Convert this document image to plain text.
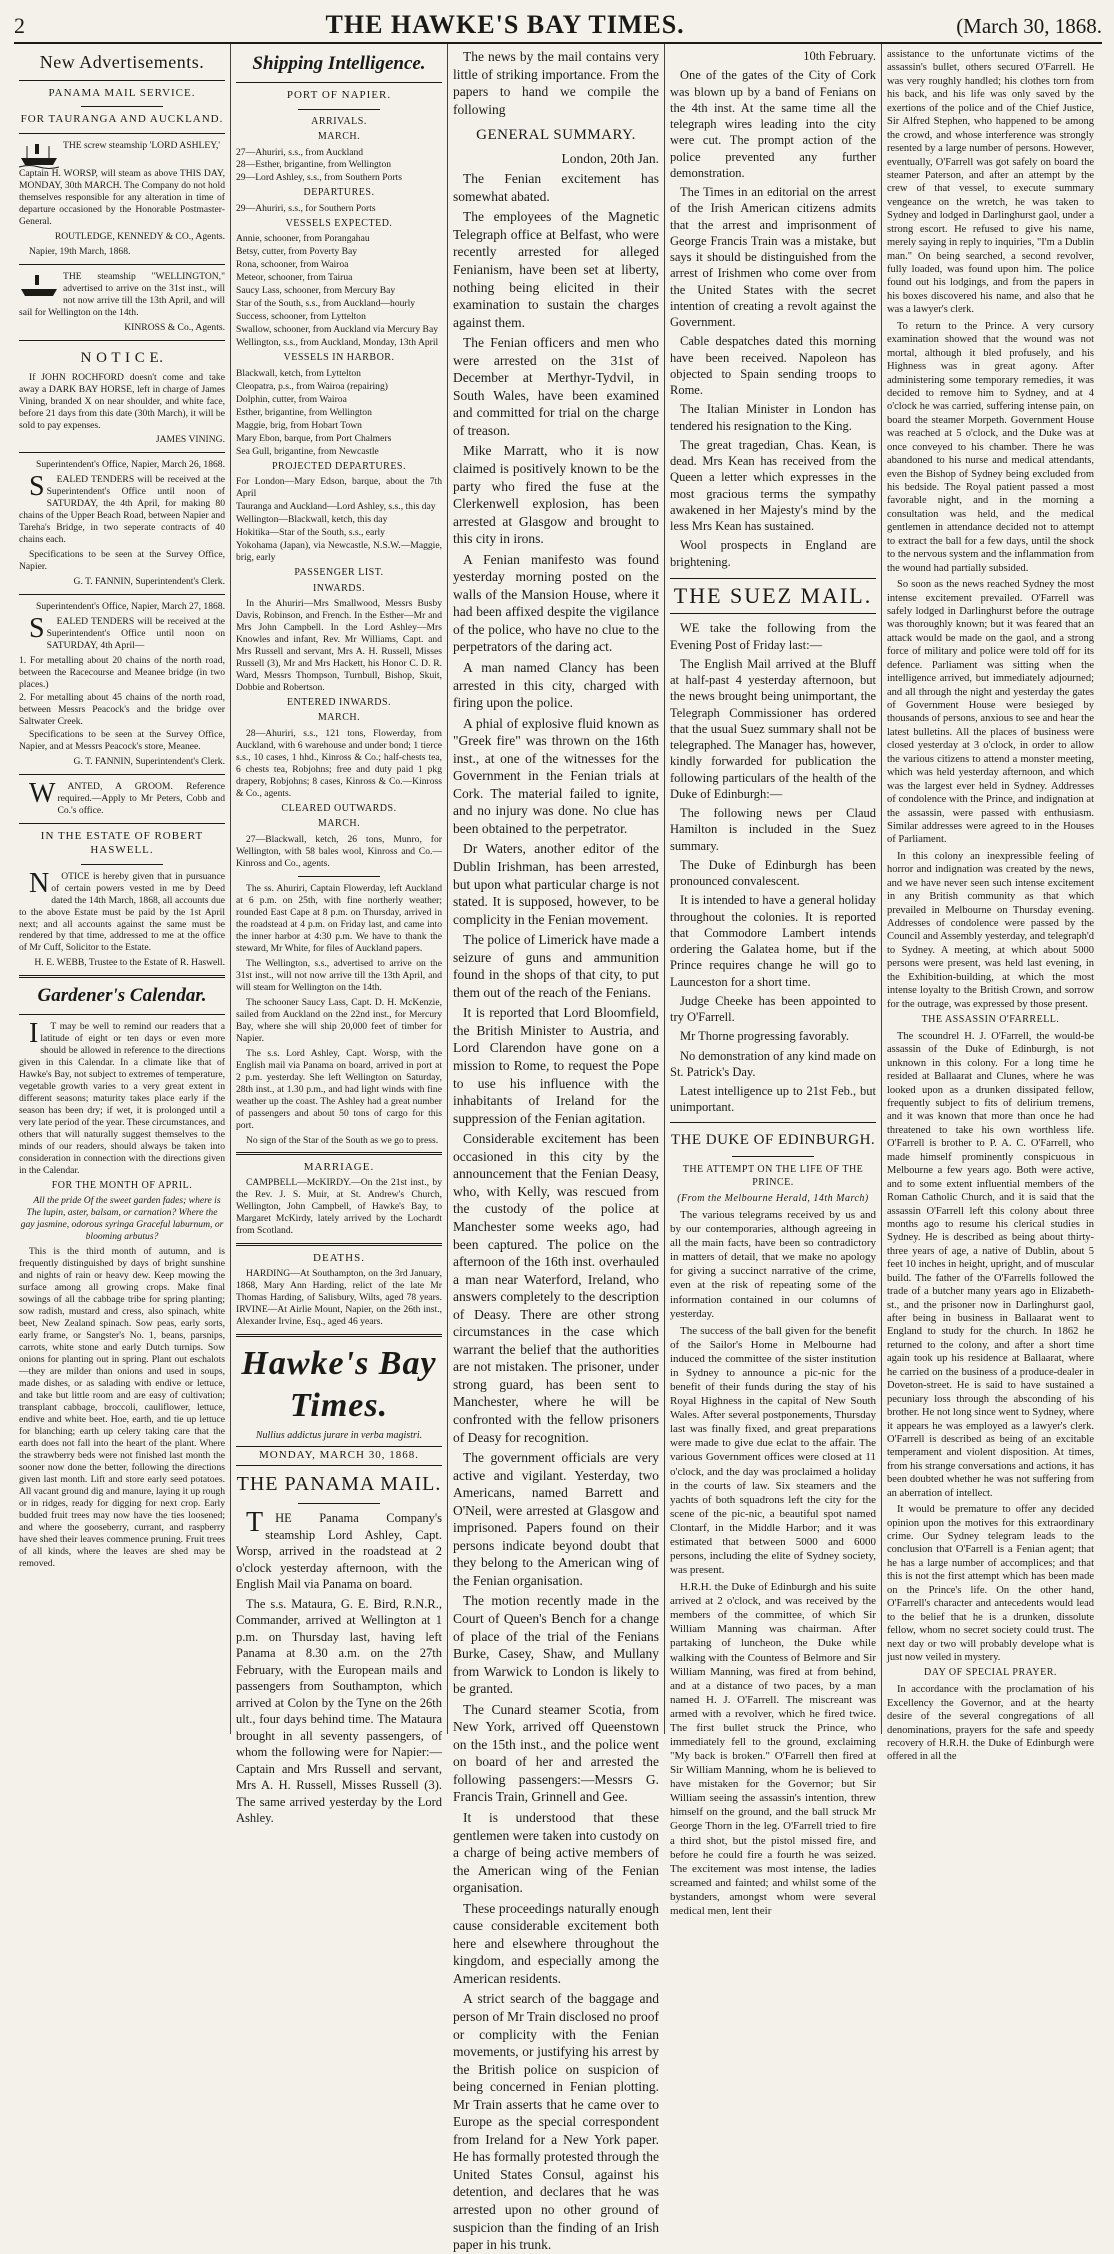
2	THE HAWKE'S BAY TIMES.	(March 30, 1868.
New Advertisements.
PANAMA MAIL SERVICE.
FOR TAURANGA AND AUCKLAND.

THE screw steamship 'LORD ASHLEY,'

Captain H. WORSP, will steam as above THIS DAY, MONDAY, 30th MARCH. The Company do not hold themselves responsible for any alteration in time of departure occasioned by the Honorable Postmaster-General.

ROUTLEDGE, KENNEDY & CO., Agents.

Napier, 19th March, 1868.

THE steamship "WELLINGTON," advertised to arrive on the 31st inst., will not now arrive till the 13th April, and will sail for Wellington on the 14th.

KINROSS & Co., Agents.

N O T I C E.

If JOHN ROCHFORD doesn't come and take away a DARK BAY HORSE, left in charge of James Vining, branded X on near shoulder, and white face, before 21 days from this date (30th March), it will be sold to pay expenses.

JAMES VINING.

Superintendent's Office, Napier, March 26, 1868.

SEALED TENDERS will be received at the Superintendent's Office until noon of SATURDAY, the 4th April, for making 80 chains of the Upper Beach Road, between Napier and Tareha's Bridge, in two seperate contracts of 40 chains each.

Specifications to be seen at the Survey Office, Napier.

G. T. FANNIN, Superintendent's Clerk.

Superintendent's Office, Napier, March 27, 1868.

SEALED TENDERS will be received at the Superintendent's Office until noon on SATURDAY, 4th April—

1. For metalling about 20 chains of the north road, between the Racecourse and Meanee bridge (in two places.)
2. For metalling about 45 chains of the north road, between Messrs Peacock's and the bridge over Saltwater Creek.

Specifications to be seen at the Survey Office, Napier, and at Messrs Peacock's store, Meanee.

G. T. FANNIN, Superintendent's Clerk.

WANTED, A GROOM. Reference required.—Apply to Mr Peters, Cobb and Co.'s office.

IN THE ESTATE OF ROBERT HASWELL.

NOTICE is hereby given that in pursuance of certain powers vested in me by Deed dated the 14th March, 1868, all accounts due to the above Estate must be paid by the 1st April next; and all accounts against the same must be rendered by that time, addressed to me at the office of Mr Cuff, Solicitor to the Estate.

H. E. WEBB, Trustee to the Estate of R. Haswell.

Gardener's Calendar.

IT may be well to remind our readers that a latitude of eight or ten days or even more should be allowed in reference to the directions given in this Calendar. In a climate like that of Hawke's Bay, not subject to extremes of temperature, vegetable growth varies to a very great extent in different seasons; maturity takes place early if the season has been dry; if wet, it is prolonged until a very late period of the year. These circumstances, and others that will naturally suggest themselves to the minds of our readers, should always be taken into consideration in connection with the directions given in the Calendar.

FOR THE MONTH OF APRIL.

All the pride Of the sweet garden fades; where is The lupin, aster, balsam, or carnation? Where the gay jasmine, odorous syringa Graceful laburnum, or blooming arbutus?

This is the third month of autumn, and is frequently distinguished by days of bright sunshine and nights of rain or heavy dew. Keep mowing the surface among all growing crops. Make final sowings of all the cabbage tribe for spring planting; sow radish, mustard and cress, also spinach, white beet, New Zealand spinach. Sow peas, early sorts, early frame, or Sangster's No. 1, beans, parsnips, carrots, white stone and early Dutch turnips. Sow onions for planting out in spring. Plant out eschalots—they are milder than onions and used in soups, made dishes, or as salading with endive or lettuce, and take but little room and are easy of cultivation; transplant cabbage, broccoli, cauliflower, lettuce, endive and white beet. Hoe, earth, and tie up lettuce for blanching; earth up celery taking care that the earth does not fall into the heart of the plant. Where the strawberry beds were not finished last month the sooner now done the better, following the directions given last month. Lift and store early seed potatoes. All vacant ground dig and manure, laying it up rough or in ridges, ready for digging for next crop. Early budded fruit trees may now have the ties loosened; and where the gooseberry, currant, and raspberry have shed their leaves commence pruning. Fruit trees of all kinds, where the leaves are shed may be removed.

Shipping Intelligence.
PORT OF NAPIER.
ARRIVALS.
MARCH.
27—Ahuriri, s.s., from Auckland
28—Esther, brigantine, from Wellington
29—Lord Ashley, s.s., from Southern Ports
DEPARTURES.
29—Ahuriri, s.s., for Southern Ports
VESSELS EXPECTED.
Annie, schooner, from Porangahau
Betsy, cutter, from Poverty Bay
Rona, schooner, from Wairoa
Meteor, schooner, from Tairua
Saucy Lass, schooner, from Mercury Bay
Star of the South, s.s., from Auckland—hourly
Success, schooner, from Lyttelton
Swallow, schooner, from Auckland via Mercury Bay
Wellington, s.s., from Auckland, Monday, 13th April
VESSELS IN HARBOR.
Blackwall, ketch, from Lyttelton
Cleopatra, p.s., from Wairoa (repairing)
Dolphin, cutter, from Wairoa
Esther, brigantine, from Wellington
Maggie, brig, from Hobart Town
Mary Ebon, barque, from Port Chalmers
Sea Gull, brigantine, from Newcastle
PROJECTED DEPARTURES.
For London—Mary Edson, barque, about the 7th April
Tauranga and Auckland—Lord Ashley, s.s., this day
Wellington—Blackwall, ketch, this day
Hokitika—Star of the South, s.s., early
Yokohama (Japan), via Newcastle, N.S.W.—Maggie, brig, early
PASSENGER LIST.
INWARDS.

In the Ahuriri—Mrs Smallwood, Messrs Busby Davis, Robinson, and French. In the Esther—Mr and Mrs John Campbell. In the Lord Ashley—Mrs Knowles and infant, Rev. Mr Williams, Capt. and Mrs Russell and servant, Mrs A. H. Russell, Misses Russell (3), Mr and Mrs Hackett, his Honor C. D. R. Ward, Messrs Thompson, Turnbull, Bishop, Skuit, Dobbie and Robertson.

ENTERED INWARDS.
MARCH.

28—Ahuriri, s.s., 121 tons, Flowerday, from Auckland, with 6 warehouse and under bond; 1 tierce s.s., 10 cases, 1 hhd., Kinross & Co.; half-chests tea, 6 chests tea, Robjohns; free and duty paid 1 pkg drapery, Robjohns; 8 cases, Kinross & Co.—Kinross & Co., agents.

CLEARED OUTWARDS.
MARCH.

27—Blackwall, ketch, 26 tons, Munro, for Wellington, with 58 bales wool, Kinross and Co.—Kinross and Co., agents.

The ss. Ahuriri, Captain Flowerday, left Auckland at 6 p.m. on 25th, with fine northerly weather; rounded East Cape at 8 p.m. on Thursday, arrived in the roadstead at 4 p.m. on Friday last, and came into the inner harbor at 4:30 p.m. We have to thank the steward, Mr White, for files of Auckland papers.

The Wellington, s.s., advertised to arrive on the 31st inst., will not now arrive till the 13th April, and will steam for Wellington on the 14th.

The schooner Saucy Lass, Capt. D. H. McKenzie, sailed from Auckland on the 22nd inst., for Mercury Bay, where she will ship 20,000 feet of timber for Napier.

The s.s. Lord Ashley, Capt. Worsp, with the English mail via Panama on board, arrived in port at 2 p.m. yesterday. She left Wellington on Saturday, 28th inst., at 1.30 p.m., and had light winds with fine weather up the coast. The Ashley had a great number of passengers and about 50 tons of cargo for this port.

No sign of the Star of the South as we go to press.

MARRIAGE.

CAMPBELL—McKIRDY.—On the 21st inst., by the Rev. J. S. Muir, at St. Andrew's Church, Wellington, John Campbell, of Hawke's Bay, to Margaret McKirdy, lately arrived by the Lochardt from Scotland.

DEATHS.

HARDING—At Southampton, on the 3rd January, 1868, Mary Ann Harding, relict of the late Mr Thomas Harding, of Salisbury, Wilts, aged 78 years. IRVINE—At Airlie Mount, Napier, on the 26th inst., Alexander Irvine, Esq., aged 46 years.

Hawke's Bay Times.
Nullius addictus jurare in verba magistri.
MONDAY, MARCH 30, 1868.
THE PANAMA MAIL.

THE Panama Company's steamship Lord Ashley, Capt. Worsp, arrived in the roadstead at 2 o'clock yesterday afternoon, with the English Mail via Panama on board.

The s.s. Mataura, G. E. Bird, R.N.R., Commander, arrived at Wellington at 1 p.m. on Thursday last, having left Panama at 8.30 a.m. on the 27th February, with the European mails and passengers from Southampton, which arrived at Colon by the Tyne on the 26th ult., four days behind time. The Mataura brought in all seventy passengers, of whom the following were for Napier:—Captain and Mrs Russell and servant, Mrs A. H. Russell, Misses Russell (3). The same arrived yesterday by the Lord Ashley.

The news by the mail contains very little of striking importance. From the papers to hand we compile the following

GENERAL SUMMARY.

London, 20th Jan.

The Fenian excitement has somewhat abated.

The employees of the Magnetic Telegraph office at Belfast, who were recently arrested for alleged Fenianism, have been set at liberty, nothing being elicited in their examination to sustain the charges against them.

The Fenian officers and men who were arrested on the 31st of December at Merthyr-Tydvil, in South Wales, have been examined and committed for trial on the charge of treason.

Mike Marratt, who it is now claimed is positively known to be the party who fired the fuse at the Clerkenwell explosion, has been arrested at Glasgow and brought to this city in irons.

A Fenian manifesto was found yesterday morning posted on the walls of the Mansion House, where it had been affixed despite the vigilance of the police, who have no clue to the perpetrators of the daring act.

A man named Clancy has been arrested in this city, charged with firing upon the police.

A phial of explosive fluid known as "Greek fire" was thrown on the 16th inst., at one of the witnesses for the Government in the Fenian trials at Cork. The material failed to ignite, and no injury was done. No clue has been obtained to the perpetrator.

Dr Waters, another editor of the Dublin Irishman, has been arrested, but upon what particular charge is not stated. It is supposed, however, to be complicity in the Fenian movement.

The police of Limerick have made a seizure of guns and ammunition found in the shops of that city, to put them out of the reach of the Fenians.

It is reported that Lord Bloomfield, the British Minister to Austria, and Lord Clarendon have gone on a mission to Rome, to request the Pope to use his influence with the inhabitants of Ireland for the suppression of the Fenian agitation.

Considerable excitement has been occasioned in this city by the announcement that the Fenian Deasy, who, with Kelly, was rescued from the custody of the police at Manchester some weeks ago, had been captured. The police on the afternoon of the 16th inst. overhauled a man near Waterford, Ireland, who answers completely to the description of Deasy. There are other strong circumstances in the case which warrant the belief that the authorities are not mistaken. The prisoner, under strong guard, has been sent to Manchester, where he will be confronted with the fellow prisoners of Deasy for recognition.

The government officials are very active and vigilant. Yesterday, two Americans, named Barrett and O'Neil, were arrested at Glasgow and imprisoned. Papers found on their persons indicate beyond doubt that they belong to the American wing of the Fenian organisation.

The motion recently made in the Court of Queen's Bench for a change of place of the trial of the Fenians Burke, Casey, Shaw, and Mullany from Warwick to London is likely to be granted.

The Cunard steamer Scotia, from New York, arrived off Queenstown on the 15th inst., and the police went on board of her and arrested the following passengers:—Messrs G. Francis Train, Grinnell and Gee.

It is understood that these gentlemen were taken into custody on a charge of being active members of the American wing of the Fenian organisation.

These proceedings naturally enough cause considerable excitement both here and elsewhere throughout the kingdom, and especially among the American residents.

A strict search of the baggage and person of Mr Train disclosed no proof or complicity with the Fenian movements, or justifying his arrest by the British police on suspicion of being concerned in Fenian plotting. Mr Train asserts that he came over to Europe as the special correspondent from Ireland for a New York paper. He has formally protested through the United States Consul, against his detention, and declares that he was arrested upon no other ground of suspicion than the finding of an Irish paper in his trunk.

10th February.

One of the gates of the City of Cork was blown up by a band of Fenians on the 4th inst. At the same time all the telegraph wires leading into the city were cut. The prompt action of the police prevented any further demonstration.

The Times in an editorial on the arrest of the Irish American citizens admits that the arrest and imprisonment of George Francis Train was a mistake, but says it should be distinguished from the arrest of Irishmen who come over from the United States with the secret intention of creating a revolt against the Government.

Cable despatches dated this morning have been received. Napoleon has objected to Spain sending troops to Rome.

The Italian Minister in London has tendered his resignation to the King.

The great tragedian, Chas. Kean, is dead. Mrs Kean has received from the Queen a letter which expresses in the most gracious terms the sympathy awakened in her Majesty's mind by the less Mrs Kean has sustained.

Wool prospects in England are brightening.

THE SUEZ MAIL.

WE take the following from the Evening Post of Friday last:—

The English Mail arrived at the Bluff at half-past 4 yesterday afternoon, but the news brought being unimportant, the Telegraph Commissioner has ordered that the usual Suez summary shall not be telegraphed. The Manager has, however, kindly forwarded for publication the following particulars of the health of the Duke of Edinburgh:—

The following news per Claud Hamilton is included in the Suez summary.

The Duke of Edinburgh has been pronounced convalescent.

It is intended to have a general holiday throughout the colonies. It is reported that Commodore Lambert intends ordering the Galatea home, but if the Prince requires change he will go to Launceston for a short time.

Judge Cheeke has been appointed to try O'Farrell.

Mr Thorne progressing favorably.

No demonstration of any kind made on St. Patrick's Day.

Latest intelligence up to 21st Feb., but unimportant.

THE DUKE OF EDINBURGH.
THE ATTEMPT ON THE LIFE OF THE PRINCE.
(From the Melbourne Herald, 14th March)

The various telegrams received by us and by our contemporaries, although agreeing in all the main facts, have been so contradictory in matters of detail, that we make no apology for giving a succinct narrative of the crime, even at the risk of repeating some of the information contained in our columns of yesterday.

The success of the ball given for the benefit of the Sailor's Home in Melbourne had induced the committee of the sister institution in Sydney to announce a pic-nic for the benefit of their funds during the stay of his Royal Highness in the capital of New South Wales. After several postponements, Thursday last was finally fixed, and great preparations were made to give due eclat to the affair. The various Government offices were closed at 11 o'clock, and the day was proclaimed a holiday in the courts of law. Six steamers and the yachts of both squadrons left the city for the scene of the pic-nic, a beautiful spot named Clontarf, in the Middle Harbor; and it was estimated that between 5000 and 6000 persons, including the elite of Sydney society, was present.

H.R.H. the Duke of Edinburgh and his suite arrived at 2 o'clock, and was received by the members of the committee, of which Sir William Manning was chairman. After partaking of luncheon, the Duke while walking with the Countess of Belmore and Sir William Manning, was fired at from behind, and at a distance of two paces, by a man named H. J. O'Farrell. The miscreant was armed with a revolver, which he fired twice. The first bullet struck the Prince, who immediately fell to the ground, exclaiming "My back is broken." O'Farrell then fired at Sir William Manning, whom he is believed to have mistaken for the Governor; but Sir William seeing the assassin's intention, threw himself on the ground, and the ball struck Mr George Thorn in the leg. O'Farrell tried to fire a third shot, but the pistol missed fire, and before he could fire a fourth he was seized. The excitement was most intense, the ladies screamed and fainted; and whilst some of the bystanders, amongst whom were several medical men, lent their

assistance to the unfortunate victims of the assassin's bullet, others secured O'Farrell. He was very roughly handled; his clothes torn from his back, and his life was only saved by the exertions of the police and of the Chief Justice, Sir Alfred Stephen, who happened to be among the crowd, and whose interference was strongly resented by a large number of persons. However, eventually, O'Farrell was got safely on board the steamer Paterson, and after an attempt by the crew of that vessel, to execute summary vengeance on the wretch, he was taken to Sydney and lodged in Darlinghurst gaol, under a strong escort. He refused to give his name, merely saying in reply to inquiries, "I'm a Dublin man." On being searched, a second revolver, fully loaded, was found upon him. The police found out his lodgings, and from the papers in his boxes discovered his name, and also that he was a lawyer's clerk.

To return to the Prince. A very cursory examination showed that the wound was not mortal, although it bled profusely, and his Highness was in great agony. After administering some temporary remedies, it was decided to remove him to Sydney, and at 4 o'clock he was carried, suffering intense pain, on board the steamer Morpeth. Government House was reached at 5 o'clock, and the Duke was at once conveyed to his chamber. There he was abandoned to his nurse and medical attendants, even the Bishop of Sydney being excluded from his bedside. The Royal patient passed a most favorable night, and in the morning a consultation was held, and the medical gentlemen in attendance decided not to attempt to extract the ball for a few days, until the shock to the nervous system and the inflammation from the wound had partially subsided.

So soon as the news reached Sydney the most intense excitement prevailed. O'Farrell was safely lodged in Darlinghurst before the outrage was thoroughly known; but it was feared that an attack would be made on the gaol, and a strong force of military and police were told off for its defence. Parliament was sitting when the intelligence arrived, but immediately adjourned; and all through the night and yesterday the gates of Government House were besieged by thousands of persons, anxious to see and hear the latest bulletins. All the places of business were closed yesterday at 3 o'clock, in order to allow the various citizens to attend a monster meeting, which was held yesterday afternoon, and which was the largest ever held in Sydney. Addresses of condolence with the Prince, and indignation at the assassin, were passed with enthusiasm. Similar addresses were agreed to in the Houses of Parliament.

In this colony an inexpressible feeling of horror and indignation was created by the news, and we have never seen such intense excitement in any British community as that which prevailed in Melbourne on Thursday evening. Addresses of condolence were passed by the Council and Assembly yesterday, and telegraph'd to Sydney. A meeting, at which about 5000 persons were present, was held last evening, in the Exhibition-building, at which the most intense loyalty to the British Crown, and sorrow for the outrage, was expressed by those present.

THE ASSASSIN O'FARRELL.

The scoundrel H. J. O'Farrell, the would-be assassin of the Duke of Edinburgh, is not unknown in this colony. For a long time he resided at Ballaarat and Clunes, where he was looked upon as a drunken dissipated fellow, frequently subject to fits of delirium tremens, and it was known that more than once he had threatened to take his own worthless life. O'Farrell is brother to P. A. C. O'Farrell, who made himself prominently conspicuous in Melbourne a few years ago. Both were active, and to some extent influential members of the Roman Catholic Church, and it is said that the assassin O'Farrell left this colony about three months ago to resume his clerical studies in Sydney. He is described as being about thirty-three years of age, a native of Dublin, about 5 feet 10 inches in height, upright, and of muscular build. The father of the O'Farrells followed the trade of a butcher many years ago in Elizabeth-st., and the prisoner now in Darlinghurst gaol, after being in business in Ballaarat went to England to study for the church. In 1862 he returned to the colony, and after a short time again took up his residence at Ballaarat, where he carried on the business of a produce-dealer in Doveton-street. He is said to have sustained a pecuniary loss through the absconding of his brother. He not long since went to Sydney, where it appears he was employed as a lawyer's clerk. O'Farrell is described as being of an excitable temperament and violent disposition. At times, from his strange conversations and actions, it has been doubted whether he was not suffering from an aberration of intellect.

It would be premature to offer any decided opinion upon the motives for this extraordinary crime. Our Sydney telegram leads to the conclusion that O'Farrell is a Fenian agent; that he has a large number of accomplices; and that this is not the first attempt which has been made on the Prince's life. On the other hand, O'Farrell's character and antecedents would lead to the belief that he is a drunken, dissolute fellow, whom no secret society could trust. The next day or two will probably develope what is just now veiled in mystery.

DAY OF SPECIAL PRAYER.

In accordance with the proclamation of his Excellency the Governor, and at the hearty desire of the several congregations of all denominations, prayers for the safe and speedy recovery of H.R.H. the Duke of Edinburgh were offered in all the
